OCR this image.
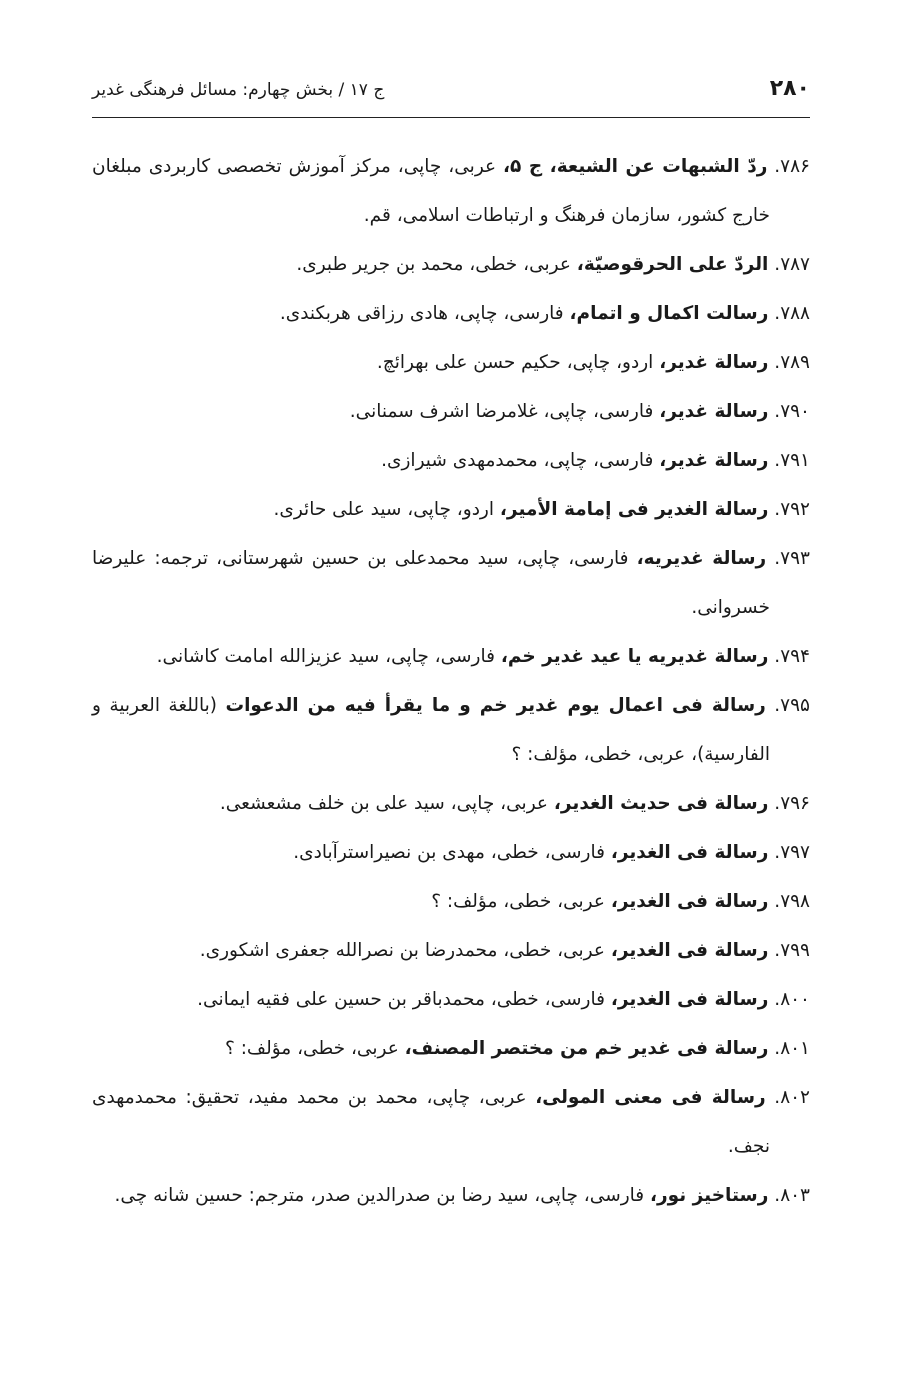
۲۸۰
ج ۱۷ / بخش چهارم: مسائل فرهنگی غدیر
۷۸۶. ردّ الشبهات عن الشیعة، ج ۵، عربی، چاپی، مرکز آموزش تخصصی کاربردی مبلغان خارج کشور، سازمان فرهنگ و ارتباطات اسلامی، قم.
۷۸۷. الردّ علی الحرقوصیّة، عربی، خطی، محمد بن جریر طبری.
۷۸۸. رسالت اکمال و اتمام، فارسی، چاپی، هادی رزاقی هربکندی.
۷۸۹. رسالة غدیر، اردو، چاپی، حکیم حسن علی بهرائچ.
۷۹۰. رسالة غدیر، فارسی، چاپی، غلامرضا اشرف سمنانی.
۷۹۱. رسالة غدیر، فارسی، چاپی، محمدمهدی شیرازی.
۷۹۲. رسالة الغدیر فی إمامة الأمیر، اردو، چاپی، سید علی حائری.
۷۹۳. رسالة غدیریه، فارسی، چاپی، سید محمدعلی بن حسین شهرستانی، ترجمه: علیرضا خسروانی.
۷۹۴. رسالة غدیریه یا عید غدیر خم، فارسی، چاپی، سید عزیزالله امامت کاشانی.
۷۹۵. رسالة فی اعمال یوم غدیر خم و ما یقرأ فیه من الدعوات (باللغة العربیة و الفارسیة)، عربی، خطی، مؤلف: ؟
۷۹۶. رسالة فی حدیث الغدیر، عربی، چاپی، سید علی بن خلف مشعشعی.
۷۹۷. رسالة فی الغدیر، فارسی، خطی، مهدی بن نصیراسترآبادی.
۷۹۸. رسالة فی الغدیر، عربی، خطی، مؤلف: ؟
۷۹۹. رسالة فی الغدیر، عربی، خطی، محمدرضا بن نصرالله جعفری اشکوری.
۸۰۰. رسالة فی الغدیر، فارسی، خطی، محمدباقر بن حسین علی فقیه ایمانی.
۸۰۱. رسالة فی غدیر خم من مختصر المصنف، عربی، خطی، مؤلف: ؟
۸۰۲. رسالة فی معنی المولی، عربی، چاپی، محمد بن محمد مفید، تحقیق: محمدمهدی نجف.
۸۰۳. رستاخیز نور، فارسی، چاپی، سید رضا بن صدرالدین صدر، مترجم: حسین شانه چی.
